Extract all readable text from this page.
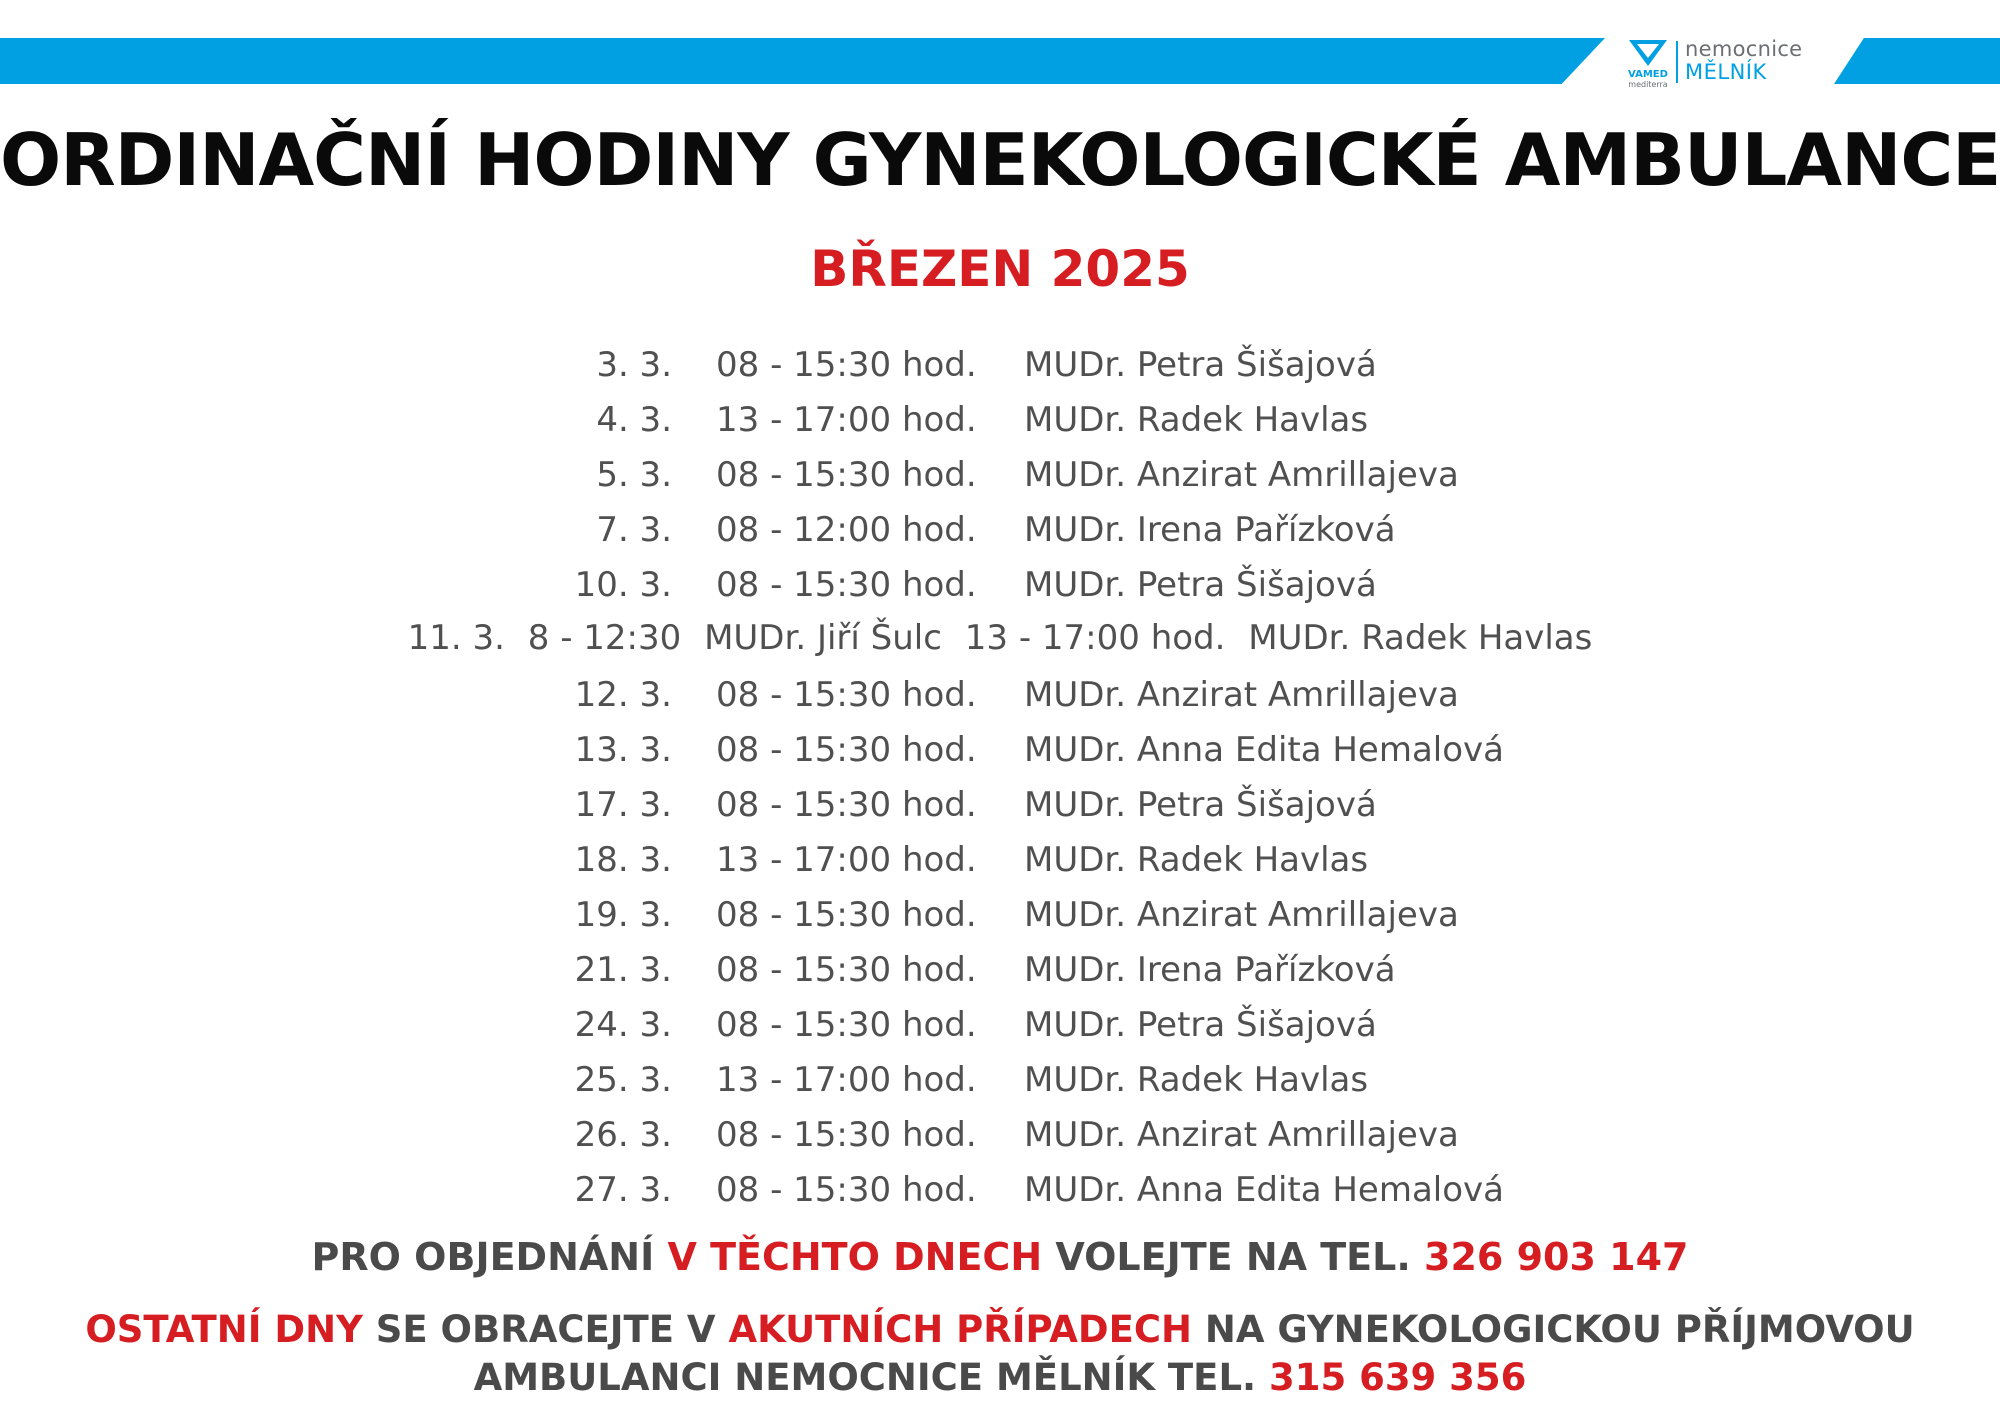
VAMED
mediterra
nemocnice
MĚLNÍK
ORDINAČNÍ HODINY GYNEKOLOGICKÉ AMBULANCE
BŘEZEN 2025
3. 3. 08 - 15:30 hod. MUDr. Petra Šišajová
4. 3. 13 - 17:00 hod. MUDr. Radek Havlas
5. 3. 08 - 15:30 hod. MUDr. Anzirat Amrillajeva
7. 3. 08 - 12:00 hod. MUDr. Irena Pařízková
10. 3. 08 - 15:30 hod. MUDr. Petra Šišajová
12. 3. 08 - 15:30 hod. MUDr. Anzirat Amrillajeva
13. 3. 08 - 15:30 hod. MUDr. Anna Edita Hemalová
17. 3. 08 - 15:30 hod. MUDr. Petra Šišajová
18. 3. 13 - 17:00 hod. MUDr. Radek Havlas
19. 3. 08 - 15:30 hod. MUDr. Anzirat Amrillajeva
21. 3. 08 - 15:30 hod. MUDr. Irena Pařízková
24. 3. 08 - 15:30 hod. MUDr. Petra Šišajová
25. 3. 13 - 17:00 hod. MUDr. Radek Havlas
26. 3. 08 - 15:30 hod. MUDr. Anzirat Amrillajeva
27. 3. 08 - 15:30 hod. MUDr. Anna Edita Hemalová
11. 3. 8 - 12:30 MUDr. Jiří Šulc 13 - 17:00 hod. MUDr. Radek Havlas
PRO OBJEDNÁNÍ V TĚCHTO DNECH VOLEJTE NA TEL. 326 903 147
OSTATNÍ DNY SE OBRACEJTE V AKUTNÍCH PŘÍPADECH NA GYNEKOLOGICKOU PŘÍJMOVOU
AMBULANCI NEMOCNICE MĚLNÍK TEL. 315 639 356
